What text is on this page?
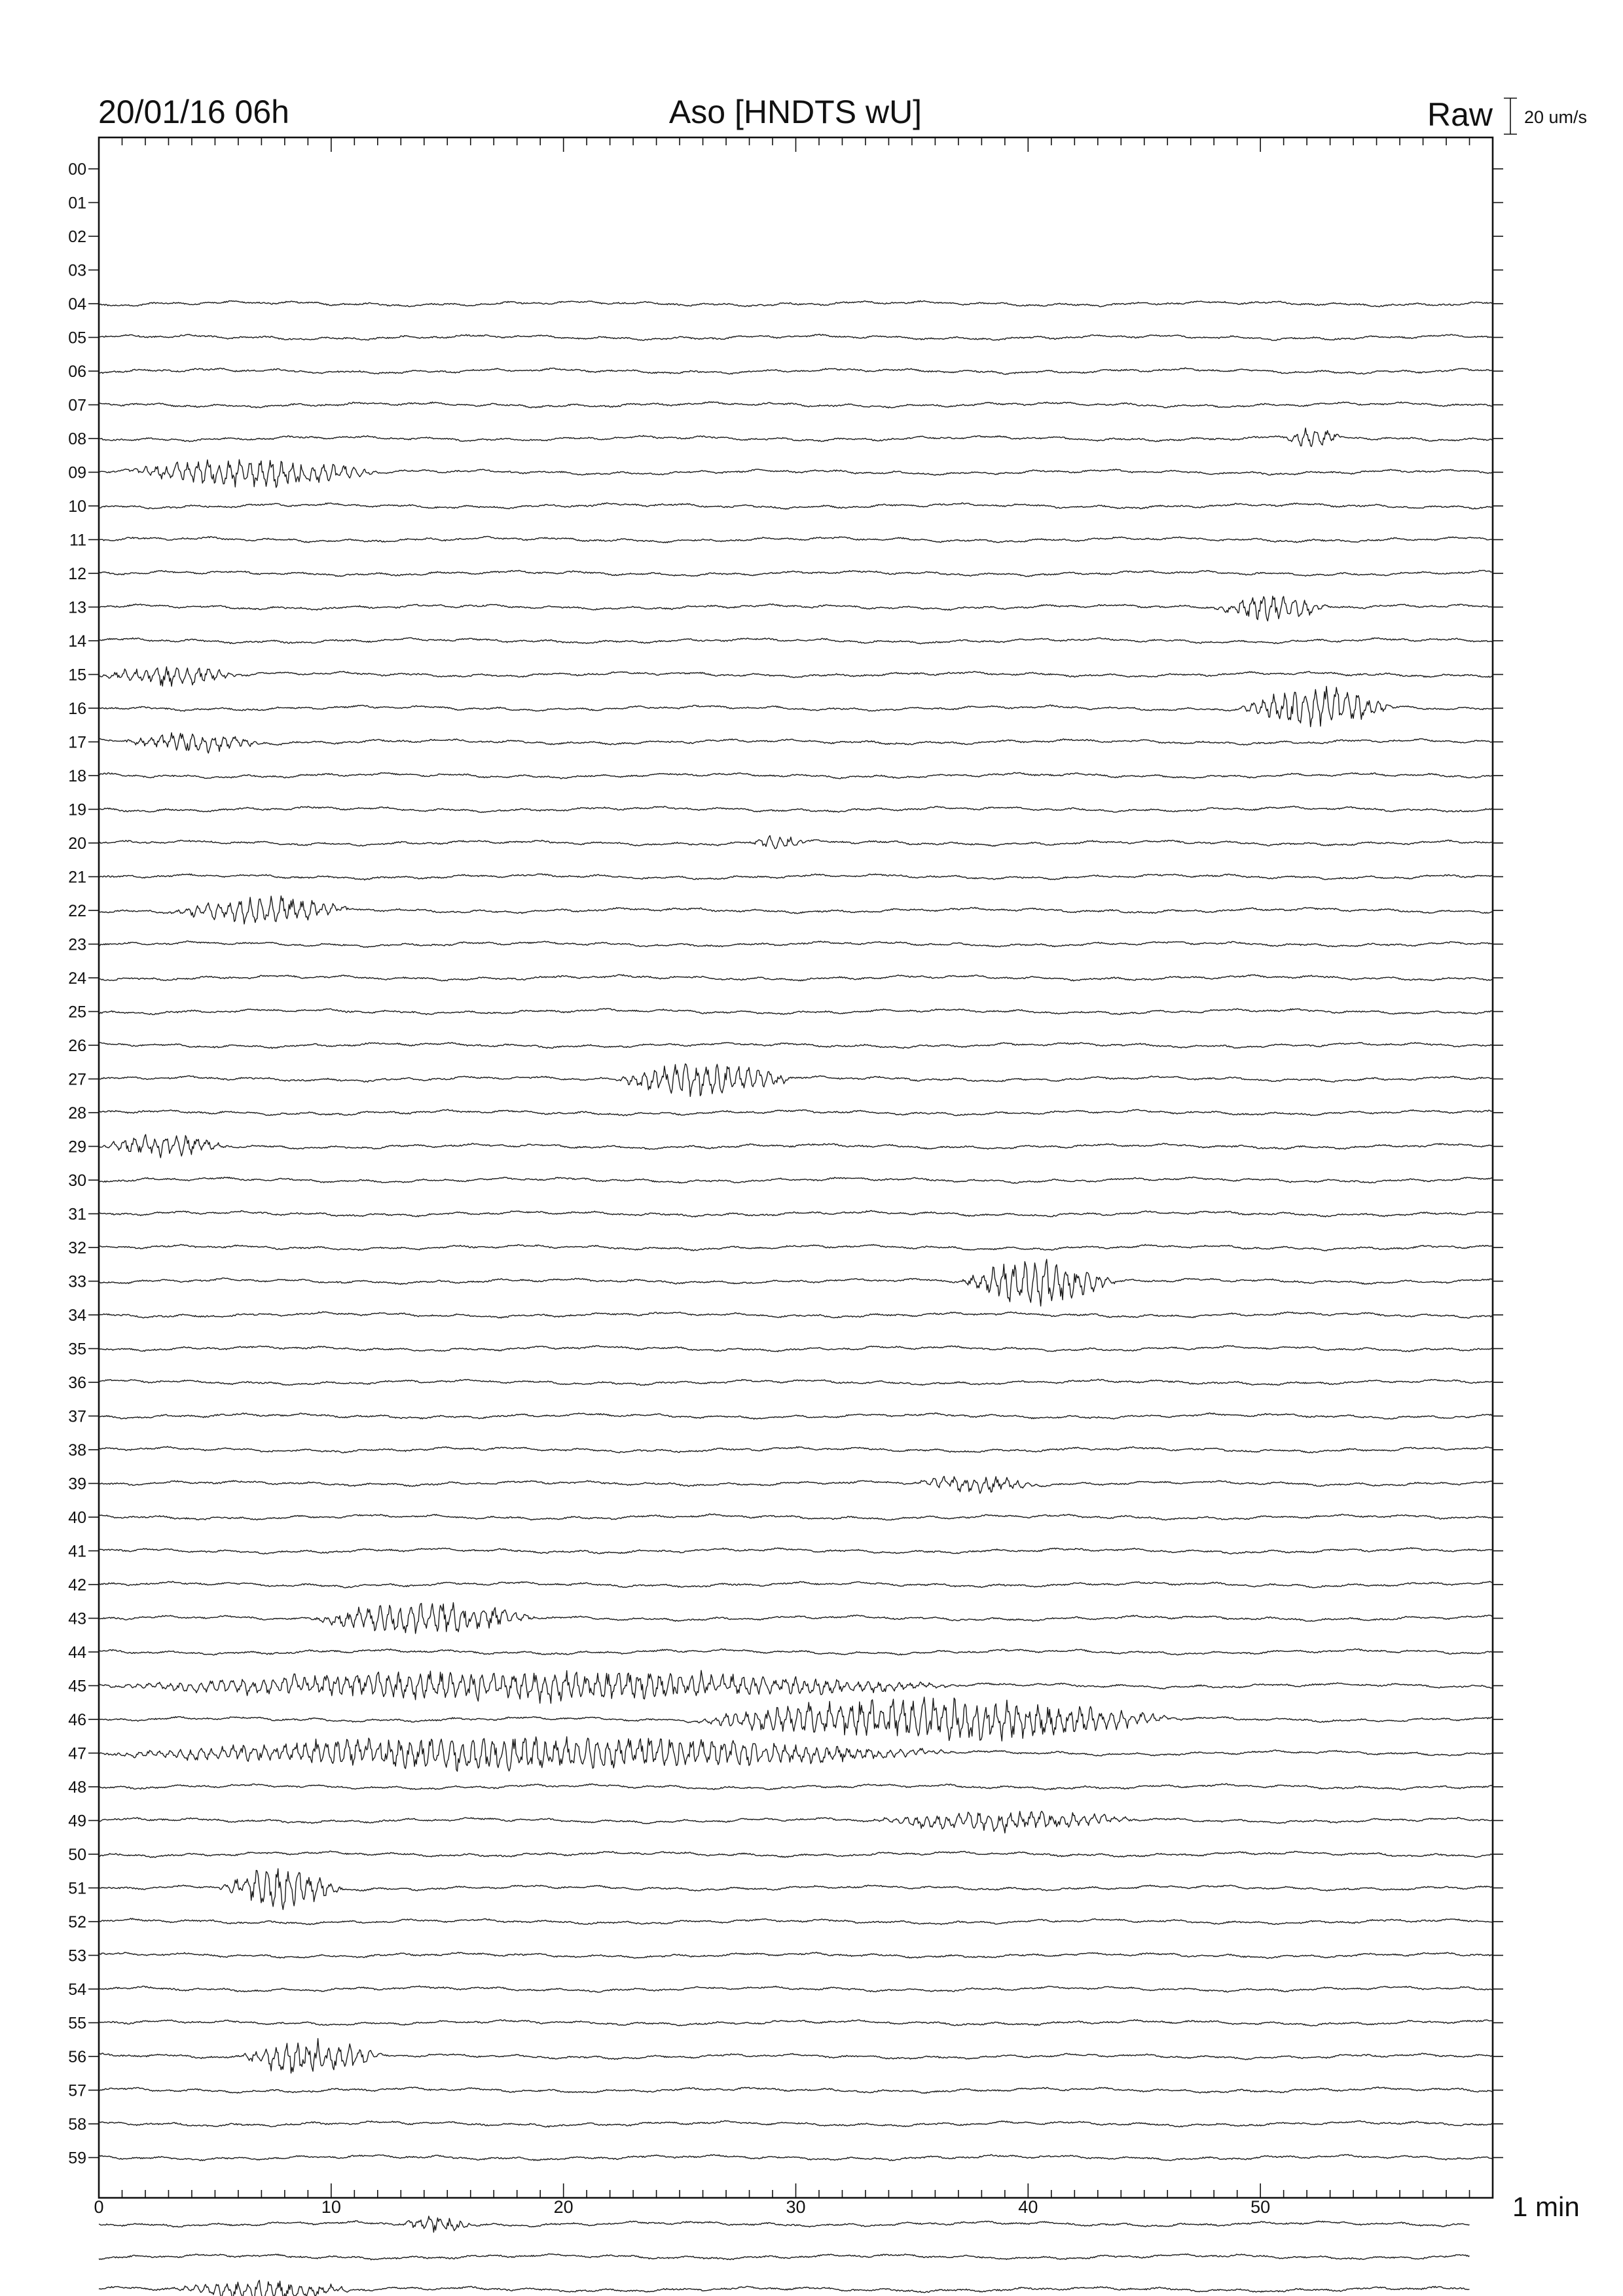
20/01/16 06h	Aso [HNDTS wU]	Raw 20 um/s
00
01
02
03
04
05
06
07
08
09
10
11
12
13
14
15
16
17
18
19
20
21
22
23
24
25
26
27
28
29
30
31
32
33
34
35
36
37
38
39
40
41
42
43
44
45
46
47
48
49
50
51
52
53
54
55
56
57
58
59
0	10	20	30	40	50	1 min
